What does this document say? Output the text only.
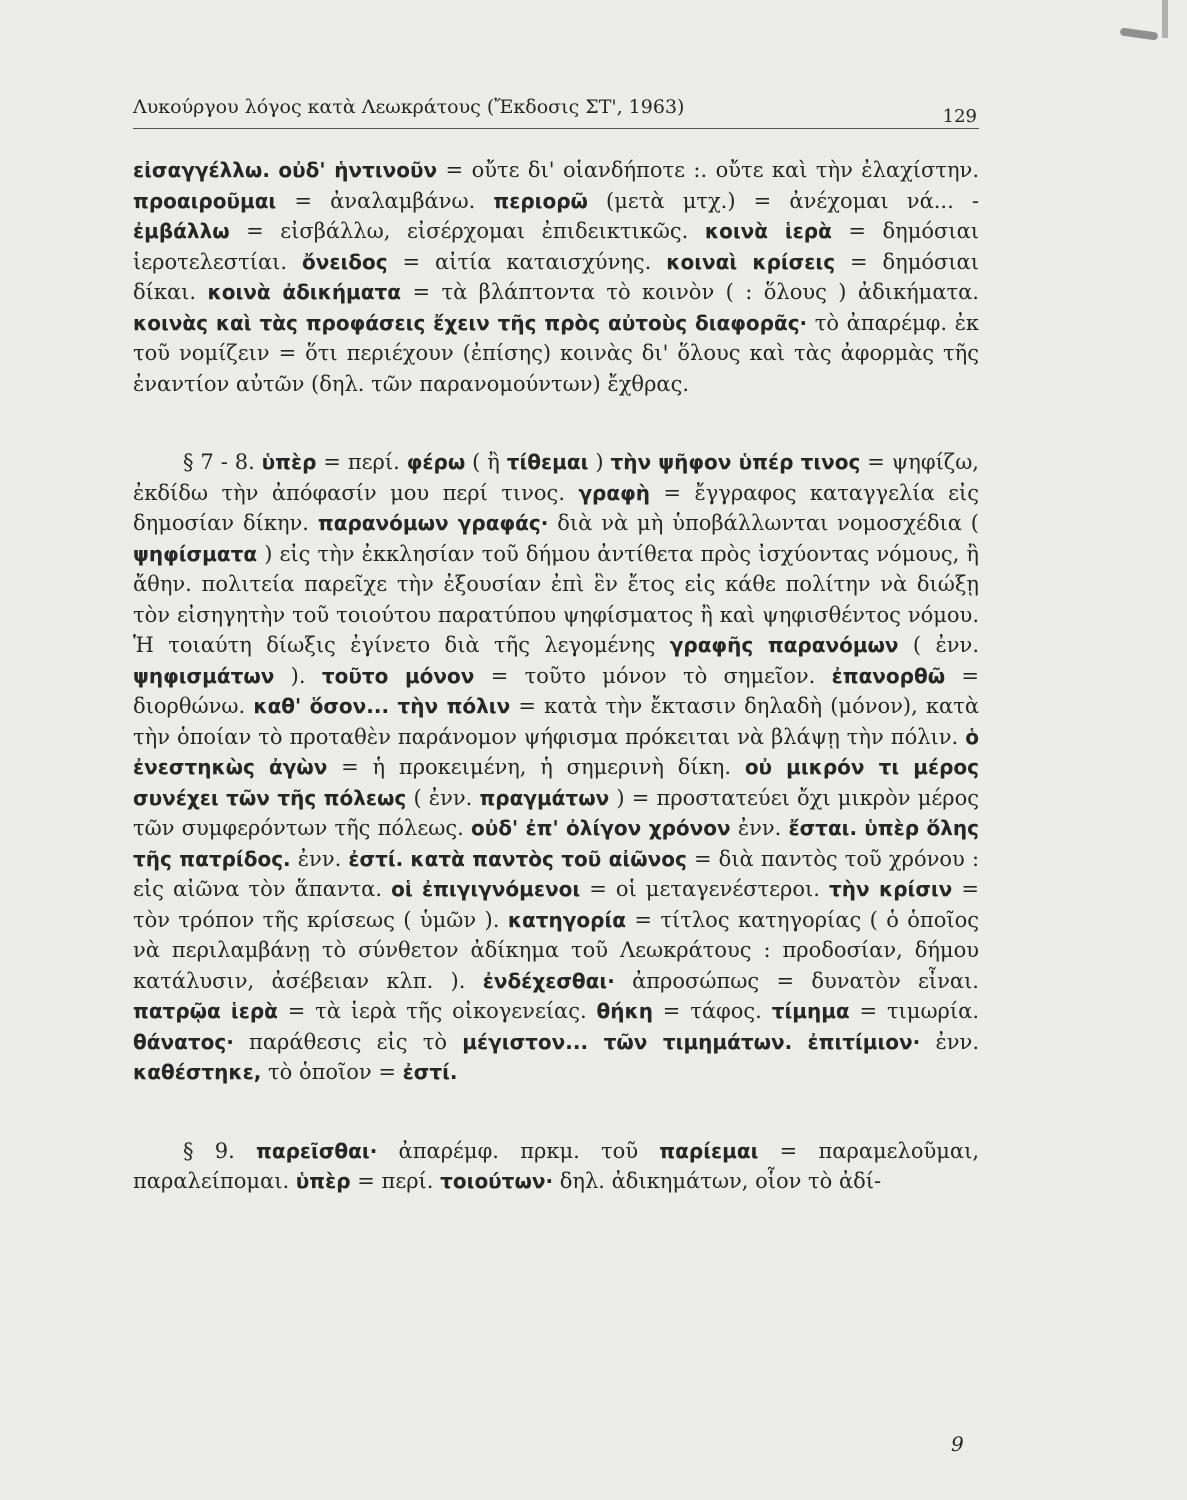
Λυκούργου λόγος κατὰ Λεωκράτους (Ἔκδοσις ΣΤ', 1963)	129

εἰσαγγέλλω. οὐδ' ἡντινοῦν = οὔτε δι' οἱανδήποτε :. οὔτε καὶ τὴν ἐλαχίστην. προαιροῦμαι = ἀναλαμβάνω. περιορῶ (μετὰ μτχ.) = ἀνέχομαι νά... - ἐμβάλλω = εἰσβάλλω, εἰσέρχομαι ἐπιδεικτικῶς. κοινὰ ἱερὰ = δημόσιαι ἱεροτελεστίαι. ὄνειδος = αἰτία καταισχύνης. κοιναὶ κρίσεις = δημόσιαι δίκαι. κοινὰ ἀδικήματα = τὰ βλάπτοντα τὸ κοινὸν ( : ὅλους ) ἀδικήματα. κοινὰς καὶ τὰς προφάσεις ἔχειν τῆς πρὸς αὐτοὺς διαφορᾶς· τὸ ἀπαρέμφ. ἐκ τοῦ νομίζειν = ὅτι περιέχουν (ἐπίσης) κοινὰς δι' ὅλους καὶ τὰς ἀφορμὰς τῆς ἐναντίον αὐτῶν (δηλ. τῶν παρανομούντων) ἔχθρας.

§ 7 - 8. ὑπὲρ = περί. φέρω ( ἢ τίθεμαι ) τὴν ψῆφον ὑπέρ τινος = ψηφίζω, ἐκδίδω τὴν ἀπόφασίν μου περί τινος. γραφὴ = ἔγγραφος καταγγελία εἰς δημοσίαν δίκην. παρανόμων γραφάς· διὰ νὰ μὴ ὑποβάλλωνται νομοσχέδια ( ψηφίσματα ) εἰς τὴν ἐκκλησίαν τοῦ δήμου ἀντίθετα πρὸς ἰσχύοντας νόμους, ἢ ἄθην. πολιτεία παρεῖχε τὴν ἐξουσίαν ἐπὶ ἓν ἔτος εἰς κάθε πολίτην νὰ διώξῃ τὸν εἰσηγητὴν τοῦ τοιούτου παρατύπου ψηφίσματος ἢ καὶ ψηφισθέντος νόμου. Ἡ τοιαύτη δίωξις ἐγίνετο διὰ τῆς λεγομένης γραφῆς παρανόμων ( ἐνν. ψηφισμάτων ). τοῦτο μόνον = τοῦτο μόνον τὸ σημεῖον. ἐπανορθῶ = διορθώνω. καθ' ὅσον... τὴν πόλιν = κατὰ τὴν ἔκτασιν δηλαδὴ (μόνον), κατὰ τὴν ὁποίαν τὸ προταθὲν παράνομον ψήφισμα πρόκειται νὰ βλάψῃ τὴν πόλιν. ὁ ἐνεστηκὼς ἀγὼν = ἡ προκειμένη, ἡ σημερινὴ δίκη. οὐ μικρόν τι μέρος συνέχει τῶν τῆς πόλεως ( ἐνν. πραγμάτων ) = προστατεύει ὄχι μικρὸν μέρος τῶν συμφερόντων τῆς πόλεως. οὐδ' ἐπ' ὀλίγον χρόνον ἐνν. ἔσται. ὑπὲρ ὅλης τῆς πατρίδος. ἐνν. ἐστί. κατὰ παντὸς τοῦ αἰῶνος = διὰ παντὸς τοῦ χρόνου : εἰς αἰῶνα τὸν ἅπαντα. οἱ ἐπιγιγνόμενοι = οἱ μεταγενέστεροι. τὴν κρίσιν = τὸν τρόπον τῆς κρίσεως ( ὑμῶν ). κατηγορία = τίτλος κατηγορίας ( ὁ ὁποῖος νὰ περιλαμβάνῃ τὸ σύνθετον ἀδίκημα τοῦ Λεωκράτους : προδοσίαν, δήμου κατάλυσιν, ἀσέβειαν κλπ. ). ἐνδέχεσθαι· ἀπροσώπως = δυνατὸν εἶναι. πατρῷα ἱερὰ = τὰ ἱερὰ τῆς οἰκογενείας. θήκη = τάφος. τίμημα = τιμωρία. θάνατος· παράθεσις εἰς τὸ μέγιστον... τῶν τιμημάτων. ἐπιτίμιον· ἐνν. καθέστηκε, τὸ ὁποῖον = ἐστί.

§ 9. παρεῖσθαι· ἀπαρέμφ. πρκμ. τοῦ παρίεμαι = παραμελοῦμαι, παραλείπομαι. ὑπὲρ = περί. τοιούτων· δηλ. ἀδικημάτων, οἷον τὸ ἀδί-

9
